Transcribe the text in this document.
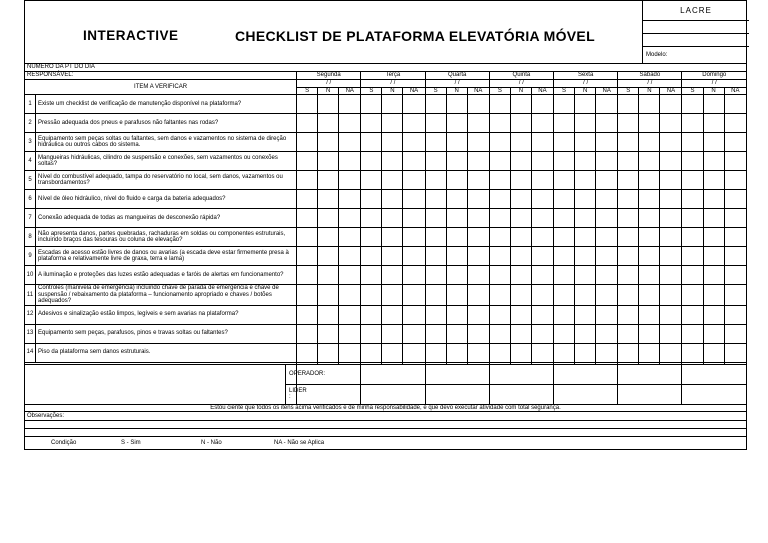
INTERACTIVE	CHECKLIST DE PLATAFORMA ELEVATÓRIA MÓVEL
LACRE
Modelo:
NUMERO DA PT DO DIA																							
RESPONSÁVEL:			Segunda			Terça			Quarta			Quinta			Sexta			Sábado			Domingo		
ITEM A VERIFICAR			/ /			/ /			/ /			/ /			/ /			/ /			/ /		
			S	N	NA	S	N	NA	S	N	NA	S	N	NA	S	N	NA	S	N	NA	S	N	NA
1	Existe um checklist de verificação de manutenção disponível na plataforma?																						
2	Pressão adequada dos pneus e parafusos não faltantes nas rodas?																						
3	Equipamento sem peças soltas ou faltantes, sem danos e vazamentos no sistema de direção hidráulica ou outros cabos do sistema.																						
4	Mangueiras hidráulicas, cilindro de suspensão e conexões, sem vazamentos ou conexões soltas?																						
5	Nível do combustível adequado, tampa do reservatório no local, sem danos, vazamentos ou transbordamentos?																						
6	Nível de óleo hidráulico, nível do fluido e carga da bateria adequados?																						
7	Conexão adequada de todas as mangueiras de desconexão rápida?																						
8	Não apresenta danos, partes quebradas, rachaduras em soldas ou componentes estruturais, incluindo braços das tesouras ou coluna de elevação?																						
9	Escadas de acesso estão livres de danos ou avarias (a escada deve estar firmemente presa à plataforma e relativamente livre de graxa, terra e lama)																						
10	A iluminação e proteções das luzes estão adequadas e faróis de alertas em funcionamento?																						
11	Controles (manivela de emergência) incluindo chave de parada de emergência e chave de suspensão / rebaixamento da plataforma – funcionamento apropriado e chaves / botões adequados?																						
12	Adesivos e sinalização estão limpos, legíveis e sem avarias na plataforma?																						
13	Equipamento sem peças, parafusos, pinos e travas soltas ou faltantes?																						
14	Piso da plataforma sem danos estruturais.																						

		OPERADOR:																					
		LIDER :																					
Estou ciente que todos os itens acima verificados e de minha responsabilidade, e que devo executar atividade com total segurança.																							
Observações:																							

Condição S - Sim N - Não NA - Não se Aplica																							
